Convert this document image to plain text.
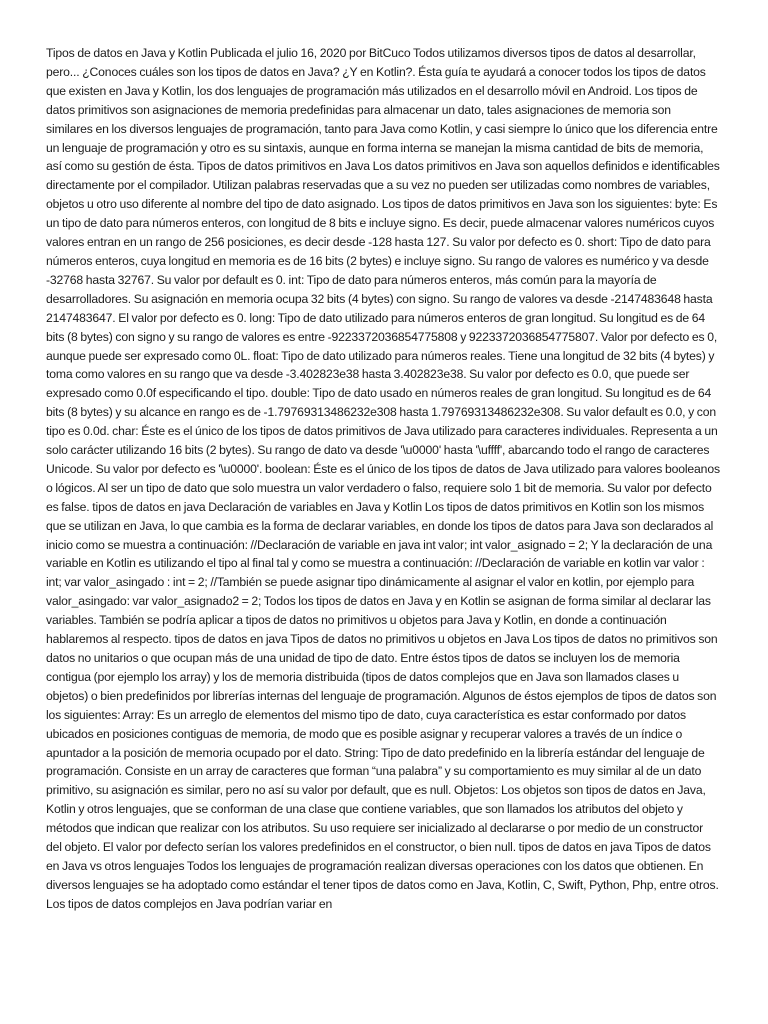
Tipos de datos en Java y Kotlin Publicada el julio 16, 2020 por BitCuco Todos utilizamos diversos tipos de datos al desarrollar, pero... ¿Conoces cuáles son los tipos de datos en Java? ¿Y en Kotlin?. Ésta guía te ayudará a conocer todos los tipos de datos que existen en Java y Kotlin, los dos lenguajes de programación más utilizados en el desarrollo móvil en Android. Los tipos de datos primitivos son asignaciones de memoria predefinidas para almacenar un dato, tales asignaciones de memoria son similares en los diversos lenguajes de programación, tanto para Java como Kotlin, y casi siempre lo único que los diferencia entre un lenguaje de programación y otro es su sintaxis, aunque en forma interna se manejan la misma cantidad de bits de memoria, así como su gestión de ésta. Tipos de datos primitivos en Java Los datos primitivos en Java son aquellos definidos e identificables directamente por el compilador. Utilizan palabras reservadas que a su vez no pueden ser utilizadas como nombres de variables, objetos u otro uso diferente al nombre del tipo de dato asignado. Los tipos de datos primitivos en Java son los siguientes: byte: Es un tipo de dato para números enteros, con longitud de 8 bits e incluye signo. Es decir, puede almacenar valores numéricos cuyos valores entran en un rango de 256 posiciones, es decir desde -128 hasta 127. Su valor por defecto es 0. short: Tipo de dato para números enteros, cuya longitud en memoria es de 16 bits (2 bytes) e incluye signo. Su rango de valores es numérico y va desde -32768 hasta 32767. Su valor por default es 0. int: Tipo de dato para números enteros, más común para la mayoría de desarrolladores. Su asignación en memoria ocupa 32 bits (4 bytes) con signo. Su rango de valores va desde -2147483648 hasta 2147483647. El valor por defecto es 0. long: Tipo de dato utilizado para números enteros de gran longitud. Su longitud es de 64 bits (8 bytes) con signo y su rango de valores es entre -9223372036854775808 y 9223372036854775807. Valor por defecto es 0, aunque puede ser expresado como 0L. float: Tipo de dato utilizado para números reales. Tiene una longitud de 32 bits (4 bytes) y toma como valores en su rango que va desde -3.402823e38 hasta 3.402823e38. Su valor por defecto es 0.0, que puede ser expresado como 0.0f especificando el tipo. double: Tipo de dato usado en números reales de gran longitud. Su longitud es de 64 bits (8 bytes) y su alcance en rango es de -1.79769313486232e308 hasta 1.79769313486232e308. Su valor default es 0.0, y con tipo es 0.0d. char: Éste es el único de los tipos de datos primitivos de Java utilizado para caracteres individuales. Representa a un solo carácter utilizando 16 bits (2 bytes). Su rango de dato va desde '\u0000' hasta '\uffff', abarcando todo el rango de caracteres Unicode. Su valor por defecto es '\u0000'. boolean: Éste es el único de los tipos de datos de Java utilizado para valores booleanos o lógicos. Al ser un tipo de dato que solo muestra un valor verdadero o falso, requiere solo 1 bit de memoria. Su valor por defecto es false. tipos de datos en java Declaración de variables en Java y Kotlin Los tipos de datos primitivos en Kotlin son los mismos que se utilizan en Java, lo que cambia es la forma de declarar variables, en donde los tipos de datos para Java son declarados al inicio como se muestra a continuación: //Declaración de variable en java int valor; int valor_asignado = 2; Y la declaración de una variable en Kotlin es utilizando el tipo al final tal y como se muestra a continuación: //Declaración de variable en kotlin var valor : int; var valor_asingado : int = 2; //También se puede asignar tipo dinámicamente al asignar el valor en kotlin, por ejemplo para valor_asingado: var valor_asignado2 = 2; Todos los tipos de datos en Java y en Kotlin se asignan de forma similar al declarar las variables. También se podría aplicar a tipos de datos no primitivos u objetos para Java y Kotlin, en donde a continuación hablaremos al respecto. tipos de datos en java Tipos de datos no primitivos u objetos en Java Los tipos de datos no primitivos son datos no unitarios o que ocupan más de una unidad de tipo de dato. Entre éstos tipos de datos se incluyen los de memoria contigua (por ejemplo los array) y los de memoria distribuida (tipos de datos complejos que en Java son llamados clases u objetos) o bien predefinidos por librerías internas del lenguaje de programación. Algunos de éstos ejemplos de tipos de datos son los siguientes: Array: Es un arreglo de elementos del mismo tipo de dato, cuya característica es estar conformado por datos ubicados en posiciones contiguas de memoria, de modo que es posible asignar y recuperar valores a través de un índice o apuntador a la posición de memoria ocupado por el dato. String: Tipo de dato predefinido en la librería estándar del lenguaje de programación. Consiste en un array de caracteres que forman “una palabra” y su comportamiento es muy similar al de un dato primitivo, su asignación es similar, pero no así su valor por default, que es null. Objetos: Los objetos son tipos de datos en Java, Kotlin y otros lenguajes, que se conforman de una clase que contiene variables, que son llamados los atributos del objeto y métodos que indican que realizar con los atributos. Su uso requiere ser inicializado al declararse o por medio de un constructor del objeto. El valor por defecto serían los valores predefinidos en el constructor, o bien null. tipos de datos en java Tipos de datos en Java vs otros lenguajes Todos los lenguajes de programación realizan diversas operaciones con los datos que obtienen. En diversos lenguajes se ha adoptado como estándar el tener tipos de datos como en Java, Kotlin, C, Swift, Python, Php, entre otros. Los tipos de datos complejos en Java podrían variar en
